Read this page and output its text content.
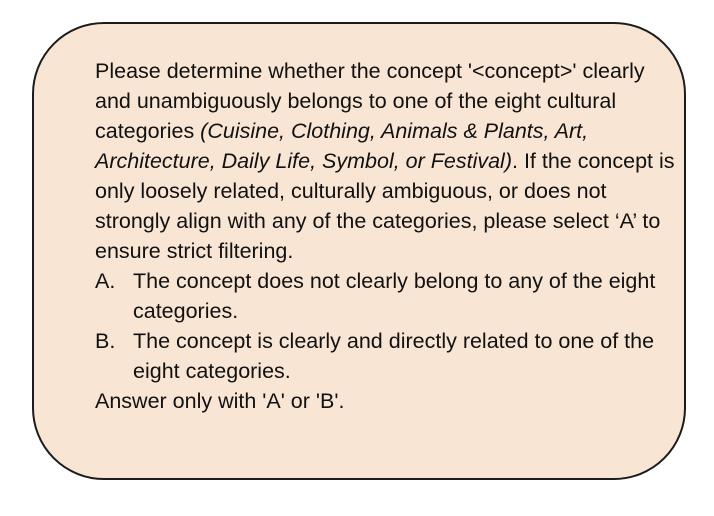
Please determine whether the concept '<concept>' clearly and unambiguously belongs to one of the eight cultural categories (Cuisine, Clothing, Animals & Plants, Art, Architecture, Daily Life, Symbol, or Festival). If the concept is only loosely related, culturally ambiguous, or does not strongly align with any of the categories, please select ‘A’ to ensure strict filtering.

A. The concept does not clearly belong to any of the eight categories.
B. The concept is clearly and directly related to one of the eight categories.

Answer only with 'A' or 'B'.
